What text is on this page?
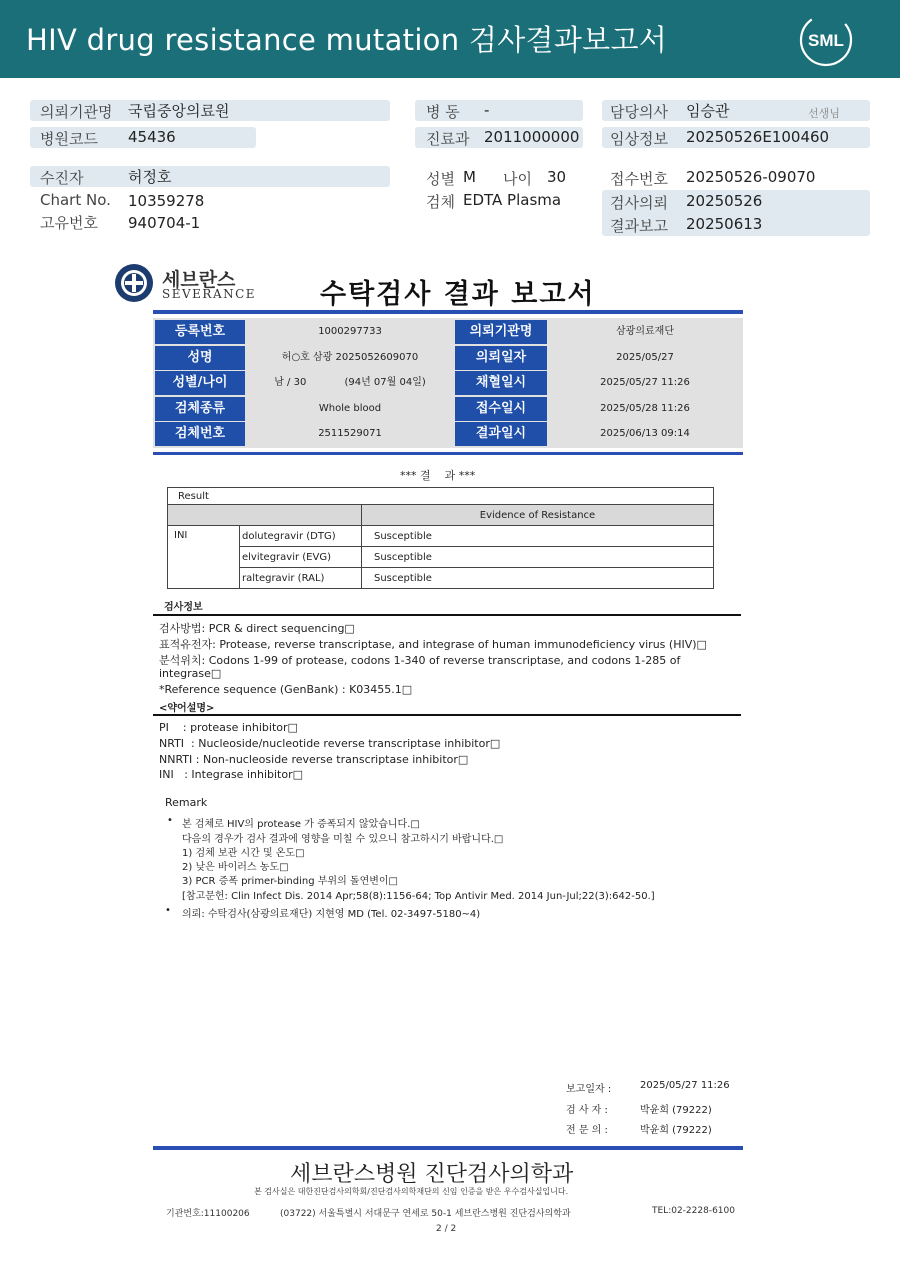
HIV drug resistance mutation 검사결과보고서	SML
의뢰기관명 국립중앙의료원
병원코드 45436
병 동 -
진료과 2011000000
담당의사 임승관	선생님
임상정보 20250526E100460
수진자	허정호
Chart No. 10359278
고유번호 940704-1
성별 M 나이 30
검체 EDTA Plasma
접수번호 20250526-09070
검사의뢰 20250526
결과보고 20250613
세브란스
SEVERANCE 수탁검사 결과 보고서
등록번호	1000297733	의뢰기관명	삼광의료재단
성명	허○호 삼광 2025052609070	의뢰일자	2025/05/27
성별/나이	남 / 30            (94년 07월 04일)	채혈일시	2025/05/27 11:26
검체종류	Whole blood	접수일시	2025/05/28 11:26
검체번호	2511529071	결과일시	2025/06/13 09:14
*** 결    과 ***
Result		
		Evidence of Resistance
INI	dolutegravir (DTG)	Susceptible
	elvitegravir (EVG)	Susceptible
	raltegravir (RAL)	Susceptible
검사정보
검사방법: PCR & direct sequencing□
표적유전자: Protease, reverse transcriptase, and integrase of human immunodeficiency virus (HIV)□
분석위치: Codons 1-99 of protease, codons 1-340 of reverse transcriptase, and codons 1-285 of
integrase□
*Reference sequence (GenBank) : K03455.1□
<약어설명>
PI    : protease inhibitor□
NRTI  : Nucleoside/nucleotide reverse transcriptase inhibitor□
NNRTI : Non-nucleoside reverse transcriptase inhibitor□
INI   : Integrase inhibitor□
Remark
• 본 검체로 HIV의 protease 가 증폭되지 않았습니다.□
다음의 경우가 검사 결과에 영향을 미칠 수 있으니 참고하시기 바랍니다.□
1) 검체 보관 시간 및 온도□
2) 낮은 바이러스 농도□
3) PCR 증폭 primer-binding 부위의 돌연변이□
[참고문헌: Clin Infect Dis. 2014 Apr;58(8):1156-64; Top Antivir Med. 2014 Jun-Jul;22(3):642-50.]
• 의뢰: 수탁검사(삼광의료재단) 지현영 MD (Tel. 02-3497-5180~4)
보고일자 :	2025/05/27 11:26
검 사 자 :	박윤희 (79222)
전 문 의 :	박윤희 (79222)
세브란스병원 진단검사의학과
본 검사실은 대한진단검사의학회/진단검사의학재단의 신임 인증을 받은 우수검사실입니다.
기관번호:11100206	(03722) 서울특별시 서대문구 연세로 50-1 세브란스병원 진단검사의학과	TEL:02-2228-6100
2 / 2
